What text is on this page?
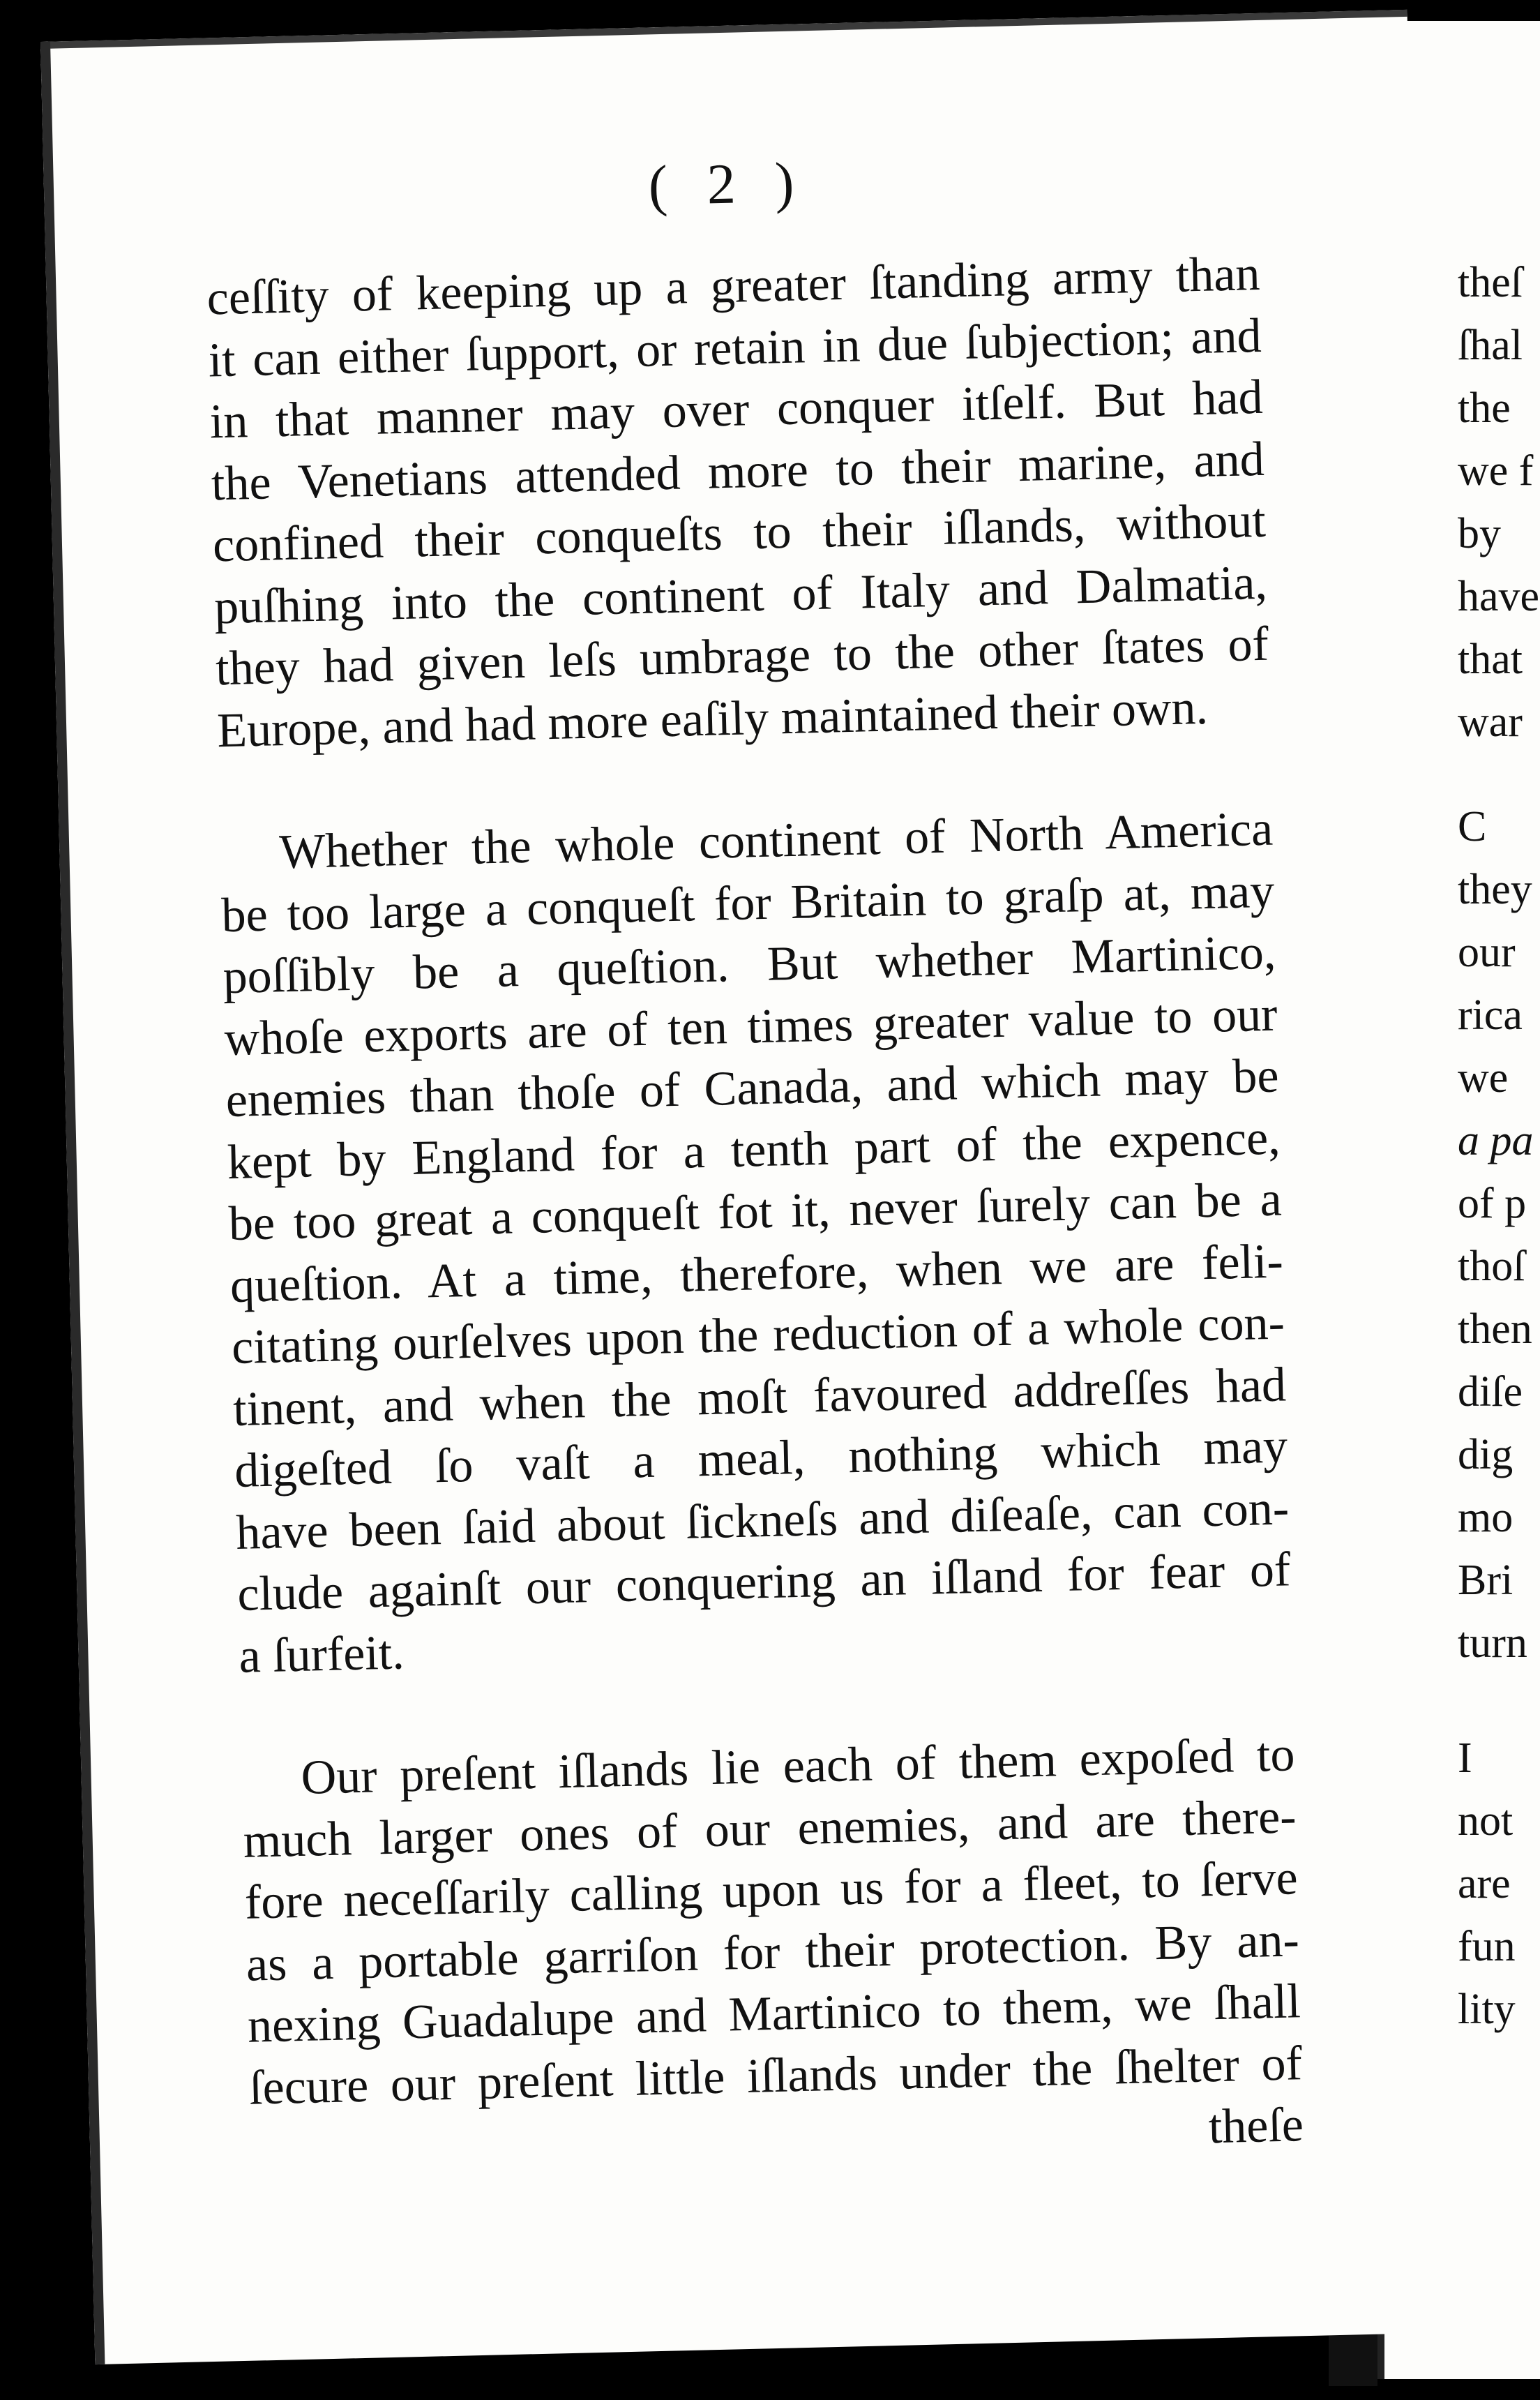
theſ
ſhal
the
we f
by
have
that
war
C
they
our
rica
we
a pa
of p
thoſ
then
diſe
dig
mo
Bri
turn
I
not
are
fun
lity
( 2 )
ceſſity of keeping up a greater ſtanding army than
it can either ſupport, or retain in due ſubjection; and
in that manner may over conquer itſelf. But had
the Venetians attended more to their marine, and
confined their conqueſts to their iſlands, without
puſhing into the continent of Italy and Dalmatia,
they had given leſs umbrage to the other ſtates of
Europe, and had more eaſily maintained their own.
Whether the whole continent of North America
be too large a conqueſt for Britain to graſp at, may
poſſibly be a queſtion. But whether Martinico,
whoſe exports are of ten times greater value to our
enemies than thoſe of Canada, and which may be
kept by England for a tenth part of the expence,
be too great a conqueſt fot it, never ſurely can be a
queſtion. At a time, therefore, when we are feli-
citating ourſelves upon the reduction of a whole con-
tinent, and when the moſt favoured addreſſes had
digeſted ſo vaſt a meal, nothing which may
have been ſaid about ſickneſs and diſeaſe, can con-
clude againſt our conquering an iſland for fear of
a ſurfeit.
Our preſent iſlands lie each of them expoſed to
much larger ones of our enemies, and are there-
fore neceſſarily calling upon us for a fleet, to ſerve
as a portable garriſon for their protection. By an-
nexing Guadalupe and Martinico to them, we ſhall
ſecure our preſent little iſlands under the ſhelter of
theſe
